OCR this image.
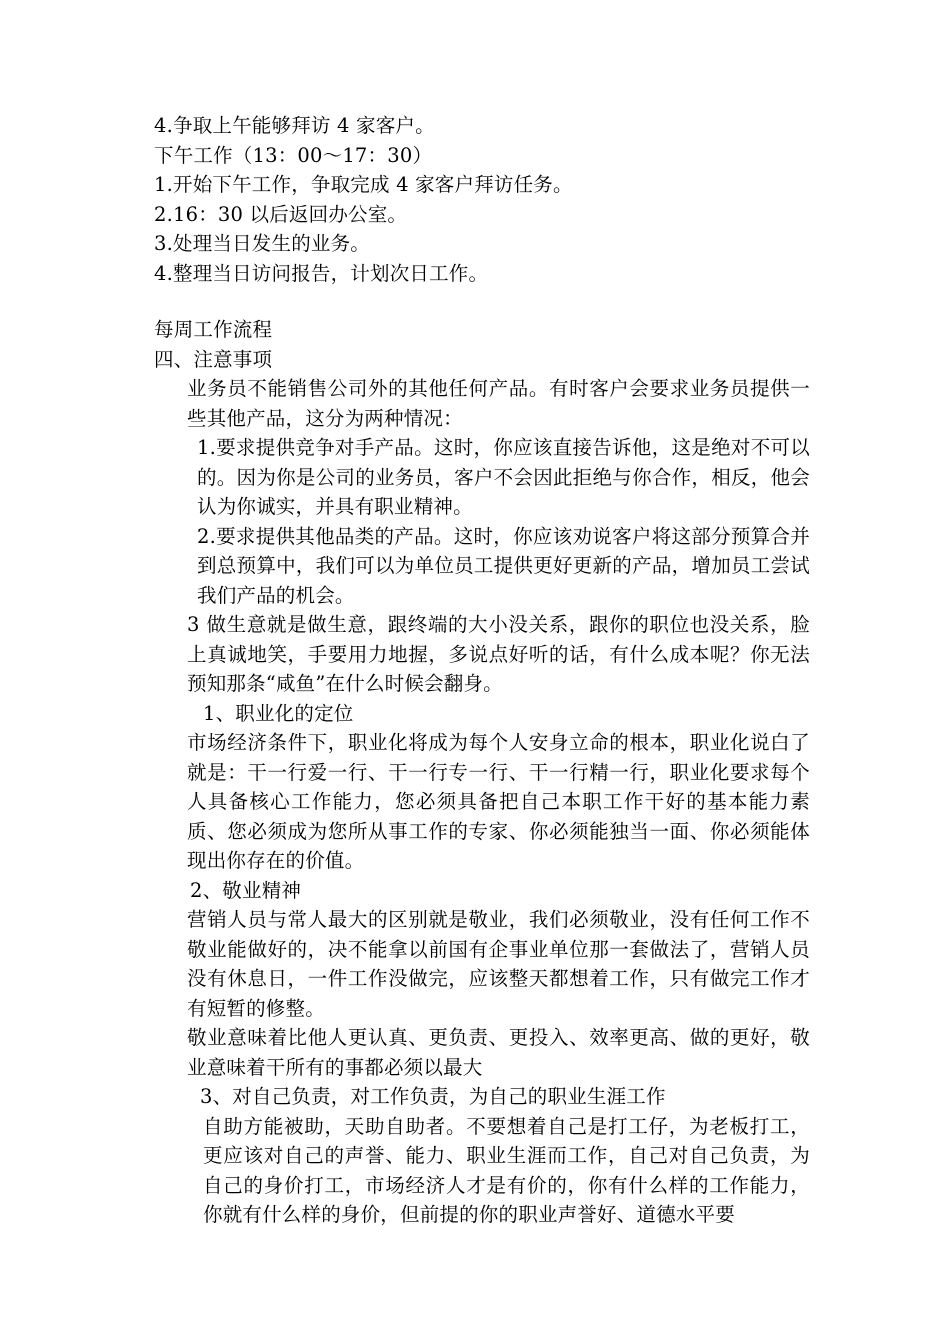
4.争取上午能够拜访 4 家客户。
下午工作（13：00～17：30）
1.开始下午工作，争取完成 4 家客户拜访任务。
2.16：30 以后返回办公室。
3.处理当日发生的业务。
4.整理当日访问报告，计划次日工作。
每周工作流程
四、注意事项

业务员不能销售公司外的其他任何产品。有时客户会要求业务员提供一些其他产品，这分为两种情况：

1.要求提供竞争对手产品。这时，你应该直接告诉他，这是绝对不可以的。因为你是公司的业务员，客户不会因此拒绝与你合作，相反，他会认为你诚实，并具有职业精神。

2.要求提供其他品类的产品。这时，你应该劝说客户将这部分预算合并到总预算中，我们可以为单位员工提供更好更新的产品，增加员工尝试我们产品的机会。

3 做生意就是做生意，跟终端的大小没关系，跟你的职位也没关系，脸上真诚地笑，手要用力地握，多说点好听的话，有什么成本呢？你无法预知那条“咸鱼”在什么时候会翻身。

1、职业化的定位

市场经济条件下，职业化将成为每个人安身立命的根本，职业化说白了就是：干一行爱一行、干一行专一行、干一行精一行，职业化要求每个人具备核心工作能力，您必须具备把自己本职工作干好的基本能力素质、您必须成为您所从事工作的专家、你必须能独当一面、你必须能体现出你存在的价值。

2、敬业精神

营销人员与常人最大的区别就是敬业，我们必须敬业，没有任何工作不敬业能做好的，决不能拿以前国有企事业单位那一套做法了，营销人员没有休息日，一件工作没做完，应该整天都想着工作，只有做完工作才有短暂的修整。

敬业意味着比他人更认真、更负责、更投入、效率更高、做的更好，敬业意味着干所有的事都必须以最大

3、对自己负责，对工作负责，为自己的职业生涯工作

自助方能被助，天助自助者。不要想着自己是打工仔，为老板打工，更应该对自己的声誉、能力、职业生涯而工作，自己对自己负责，为自己的身价打工，市场经济人才是有价的，你有什么样的工作能力，你就有什么样的身价，但前提的你的职业声誉好、道德水平要
